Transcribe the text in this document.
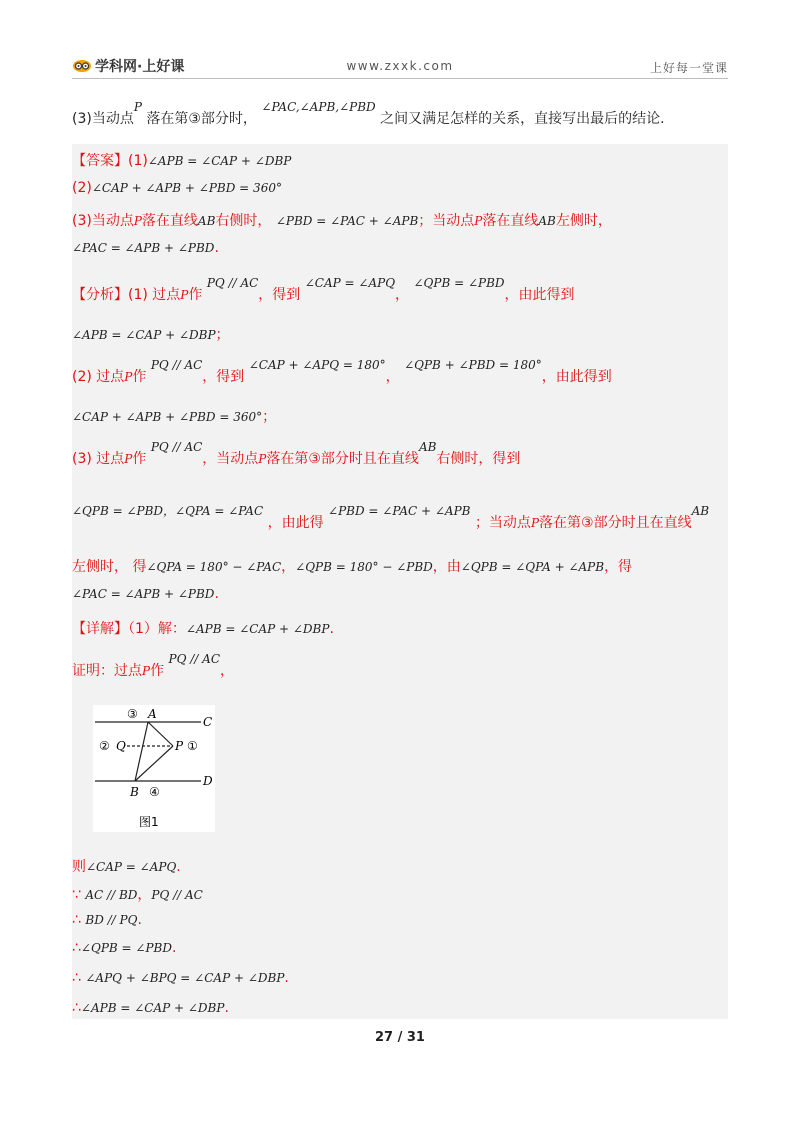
学科网·上好课	www.zxxk.com	上好每一堂课
(3)当动点P 落在第③部分时， ∠PAC,∠APB,∠PBD 之间又满足怎样的关系，直接写出最后的结论.
【答案】(1)∠APB = ∠CAP + ∠DBP
(2)∠CAP + ∠APB + ∠PBD = 360°
(3)当动点P落在直线AB右侧时， ∠PBD = ∠PAC + ∠APB；当动点P落在直线AB左侧时，
∠PAC = ∠APB + ∠PBD.
【分析】(1) 过点P作 PQ // AC，得到 ∠CAP = ∠APQ， ∠QPB = ∠PBD，由此得到
∠APB = ∠CAP + ∠DBP；
(2) 过点P作 PQ // AC，得到 ∠CAP + ∠APQ = 180°， ∠QPB + ∠PBD = 180°，由此得到
∠CAP + ∠APB + ∠PBD = 360°；
(3) 过点P作 PQ // AC，当动点P落在第③部分时且在直线AB右侧时，得到
∠QPB = ∠PBD，∠QPA = ∠PAC ，由此得 ∠PBD = ∠PAC + ∠APB ；当动点P落在第③部分时且在直线AB
左侧时， 得∠QPA = 180° − ∠PAC，∠QPB = 180° − ∠PBD，由∠QPB = ∠QPA + ∠APB，得
∠PAC = ∠APB + ∠PBD.
【详解】（1）解：∠APB = ∠CAP + ∠DBP.
证明：过点P作 PQ // AC，
③ A
C
② Q	P ①
B ④
D
图1
则∠CAP = ∠APQ.
∵ AC // BD，PQ // AC
∴ BD // PQ.
∴∠QPB = ∠PBD.
∴ ∠APQ + ∠BPQ = ∠CAP + ∠DBP.
∴∠APB = ∠CAP + ∠DBP.
27 / 31
